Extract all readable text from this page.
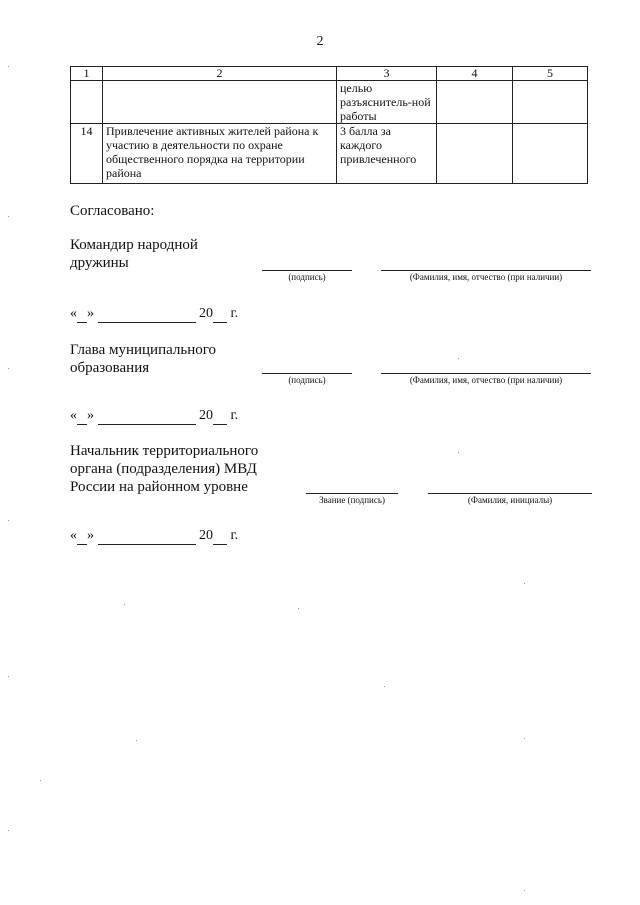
2
1	2	3	4	5
		целью разъяснитель-ной работы		
14	Привлечение активных жителей района к участию в деятельности по охране общественного порядка на территории района	3 балла за каждого привлеченного		
Согласовано:
Командир народной
дружины
(подпись)	(Фамилия, имя, отчество (при наличии)
« »	20 г.
Глава муниципального
образования
(подпись)	(Фамилия, имя, отчество (при наличии)
« »	20 г.
Начальник территориального
органа (подразделения) МВД
России на районном уровне
Звание (подпись)	(Фамилия, инициалы)
« »	20 г.
